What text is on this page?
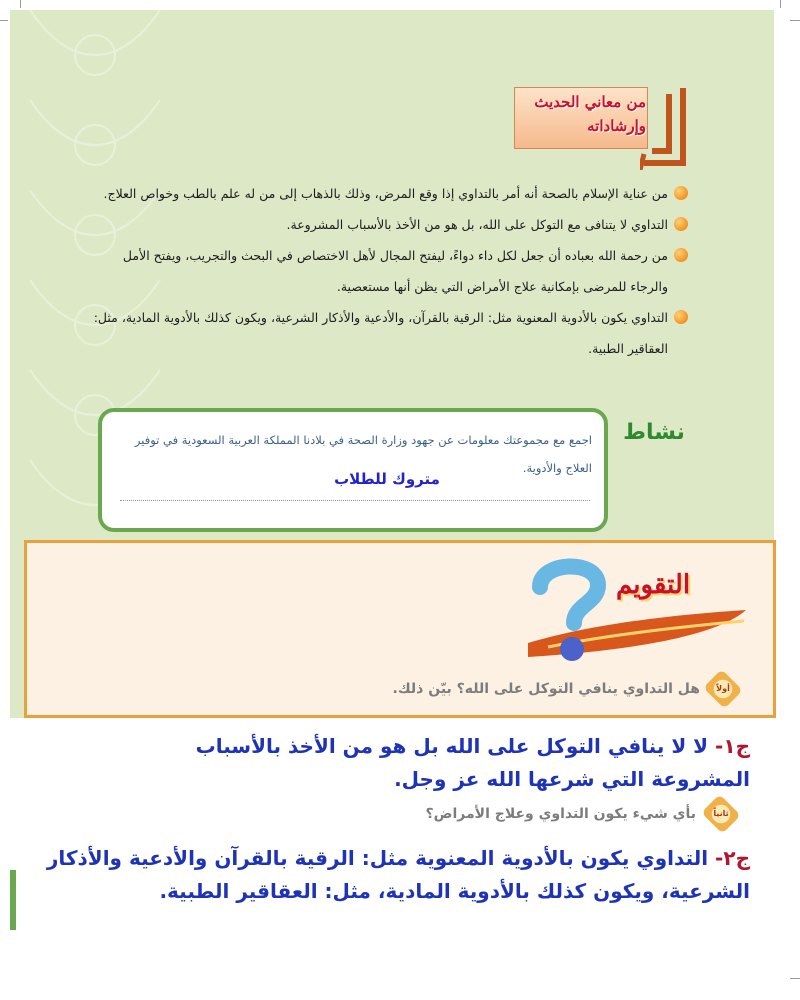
من معاني الحديث
وإرشاداته
من عناية الإسلام بالصحة أنه أمر بالتداوي إذا وقع المرض، وذلك بالذهاب إلى من له علم بالطب وخواص العلاج.
التداوي لا يتنافى مع التوكل على الله، بل هو من الأخذ بالأسباب المشروعة.
من رحمة الله بعباده أن جعل لكل داء دواءً، ليفتح المجال لأهل الاختصاص في البحث والتجريب، ويفتح الأمل والرجاء للمرضى بإمكانية علاج الأمراض التي يظن أنها مستعصية.
التداوي يكون بالأدوية المعنوية مثل: الرقية بالقرآن، والأدعية والأذكار الشرعية، ويكون كذلك بالأدوية المادية، مثل: العقاقير الطبية.
نشاط
اجمع مع مجموعتك معلومات عن جهود وزارة الصحة في بلادنا المملكة العربية السعودية في توفير العلاج والأدوية.
متروك للطلاب
التقويم
أولاً
هل التداوي ينافي التوكل على الله؟ بيّن ذلك.
ج١- لا لا ينافي التوكل على الله بل هو من الأخذ بالأسباب المشروعة التي شرعها الله عز وجل.
ثانياً
بأي شيء يكون التداوي وعلاج الأمراض؟
ج٢- التداوي يكون بالأدوية المعنوية مثل: الرقية بالقرآن والأدعية والأذكار الشرعية، ويكون كذلك بالأدوية المادية، مثل: العقاقير الطبية.
